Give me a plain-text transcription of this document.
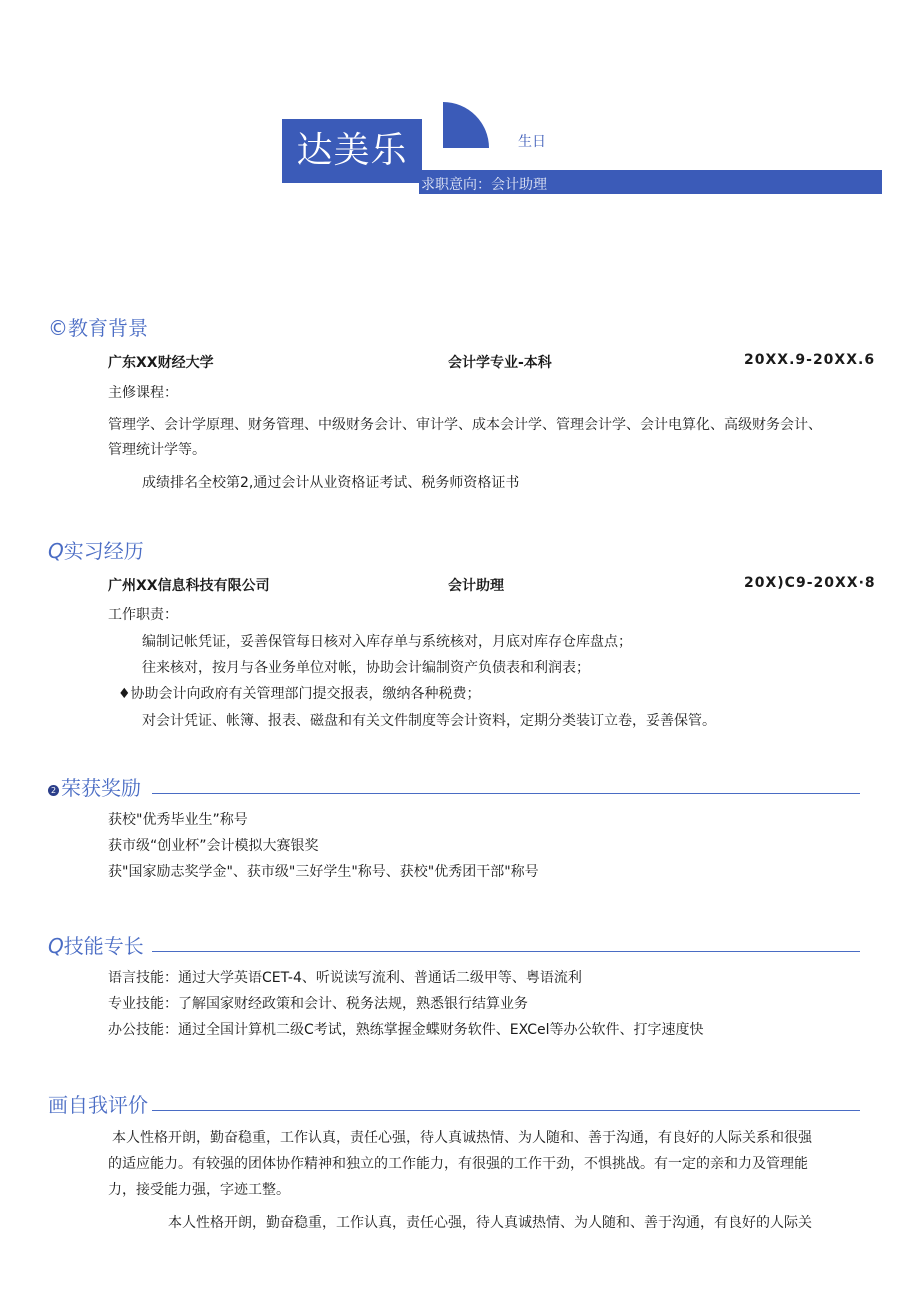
达美乐	生日
求职意向：会计助理
©教育背景
广东XX财经大学	会计学专业-本科	20XX.9-20XX.6
主修课程：
管理学、会计学原理、财务管理、中级财务会计、审计学、成本会计学、管理会计学、会计电算化、高级财务会计、
管理统计学等。
成绩排名全校第2,通过会计从业资格证考试、税务师资格证书
Q实习经历
广州XX信息科技有限公司	会计助理	20X)C9-20XX·8
工作职责：
编制记帐凭证，妥善保管每日核对入库存单与系统核对，月底对库存仓库盘点；
往来核对，按月与各业务单位对帐，协助会计编制资产负债表和利润表；
♦协助会计向政府有关管理部门提交报表，缴纳各种税费；
对会计凭证、帐簿、报表、磁盘和有关文件制度等会计资料，定期分类装订立卷，妥善保管。
2 荣获奖励
获校"优秀毕业生”称号
获市级“创业杯”会计模拟大赛银奖
获"国家励志奖学金"、获市级"三好学生"称号、获校"优秀团干部"称号
Q技能专长
语言技能：通过大学英语CET-4、听说读写流利、普通话二级甲等、粤语流利
专业技能：了解国家财经政策和会计、税务法规，熟悉银行结算业务
办公技能：通过全国计算机二级C考试，熟练掌握金蝶财务软件、EXCel等办公软件、打字速度快
画自我评价
本人性格开朗，勤奋稳重，工作认真，责任心强，待人真诚热情、为人随和、善于沟通，有良好的人际关系和很强
的适应能力。有较强的团体协作精神和独立的工作能力，有很强的工作干劲，不惧挑战。有一定的亲和力及管理能
力，接受能力强，字迹工整。
本人性格开朗，勤奋稳重，工作认真，责任心强，待人真诚热情、为人随和、善于沟通，有良好的人际关
